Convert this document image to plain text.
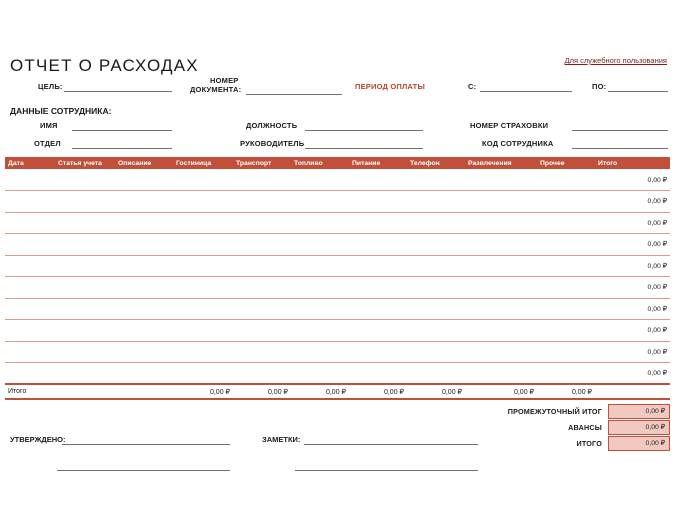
ОТЧЕТ О РАСХОДАХ	Для служебного пользования
ЦЕЛЬ:
НОМЕР
ДОКУМЕНТА:	ПЕРИОД ОПЛАТЫ	С:	ПО:
ДАННЫЕ СОТРУДНИКА:
ИМЯ	ДОЛЖНОСТЬ	НОМЕР СТРАХОВКИ
ОТДЕЛ	РУКОВОДИТЕЛЬ	КОД СОТРУДНИКА
Дата	Статья учета	Описание	Гостиница	Транспорт	Топливо	Питание	Телефон	Развлечения	Прочее	Итого
										0,00 ₽
										0,00 ₽
										0,00 ₽
										0,00 ₽
										0,00 ₽
										0,00 ₽
										0,00 ₽
										0,00 ₽
										0,00 ₽
										0,00 ₽
Итого			0,00 ₽	0,00 ₽	0,00 ₽	0,00 ₽	0,00 ₽	0,00 ₽	0,00 ₽	
ПРОМЕЖУТОЧНЫЙ ИТОГ	0,00 ₽
АВАНСЫ	0,00 ₽
ИТОГО	0,00 ₽
УТВЕРЖДЕНО:	ЗАМЕТКИ:
